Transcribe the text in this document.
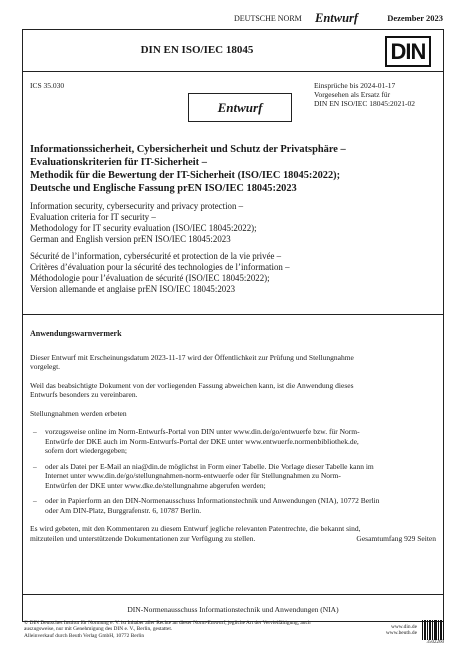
DEUTSCHE NORM Entwurf	Dezember 2023
DIN EN ISO/IEC 18045	DIN
ICS 35.030	Einsprüche bis 2024-01-17
Vorgesehen als Ersatz für
DIN EN ISO/IEC 18045:2021-02
Entwurf
Informationssicherheit, Cybersicherheit und Schutz der Privatsphäre –
Evaluationskriterien für IT-Sicherheit –
Methodik für die Bewertung der IT-Sicherheit (ISO/IEC 18045:2022);
Deutsche und Englische Fassung prEN ISO/IEC 18045:2023
Information security, cybersecurity and privacy protection –
Evaluation criteria for IT security –
Methodology for IT security evaluation (ISO/IEC 18045:2022);
German and English version prEN ISO/IEC 18045:2023
Sécurité de l’information, cybersécurité et protection de la vie privée –
Critères d’évaluation pour la sécurité des technologies de l’information –
Méthodologie pour l’évaluation de sécurité (ISO/IEC 18045:2022);
Version allemande et anglaise prEN ISO/IEC 18045:2023
Anwendungswarnvermerk

Dieser Entwurf mit Erscheinungsdatum 2023-11-17 wird der Öffentlichkeit zur Prüfung und Stellungnahme
vorgelegt.

Weil das beabsichtigte Dokument von der vorliegenden Fassung abweichen kann, ist die Anwendung dieses
Entwurfs besonders zu vereinbaren.

Stellungnahmen werden erbeten

– vorzugsweise online im Norm-Entwurfs-Portal von DIN unter www.din.de/go/entwuerfe bzw. für Norm-
Entwürfe der DKE auch im Norm-Entwurfs-Portal der DKE unter www.entwuerfe.normenbibliothek.de,
sofern dort wiedergegeben;
– oder als Datei per E-Mail an nia@din.de möglichst in Form einer Tabelle. Die Vorlage dieser Tabelle kann im
Internet unter www.din.de/go/stellungnahmen-norm-entwuerfe oder für Stellungnahmen zu Norm-
Entwürfen der DKE unter www.dke.de/stellungnahme abgerufen werden;
– oder in Papierform an den DIN-Normenausschuss Informationstechnik und Anwendungen (NIA), 10772 Berlin
oder Am DIN-Platz, Burggrafenstr. 6, 10787 Berlin.

Es wird gebeten, mit den Kommentaren zu diesem Entwurf jegliche relevanten Patentrechte, die bekannt sind,
mitzuteilen und unterstützende Dokumentationen zur Verfügung zu stellen.	Gesamtumfang 929 Seiten
DIN-Normenausschuss Informationstechnik und Anwendungen (NIA)
© DIN Deutsches Institut für Normung e. V. ist Inhaber aller Rechte an dieser Norm-Entwurf, jegliche Art der Vervielfältigung, auch auszugsweise, nur mit Genehmigung des DIN e. V., Berlin, gestattet.
Alleinverkauf durch Beuth Verlag GmbH, 10772 Berlin
www.din.de
www.beuth.de
3502260
